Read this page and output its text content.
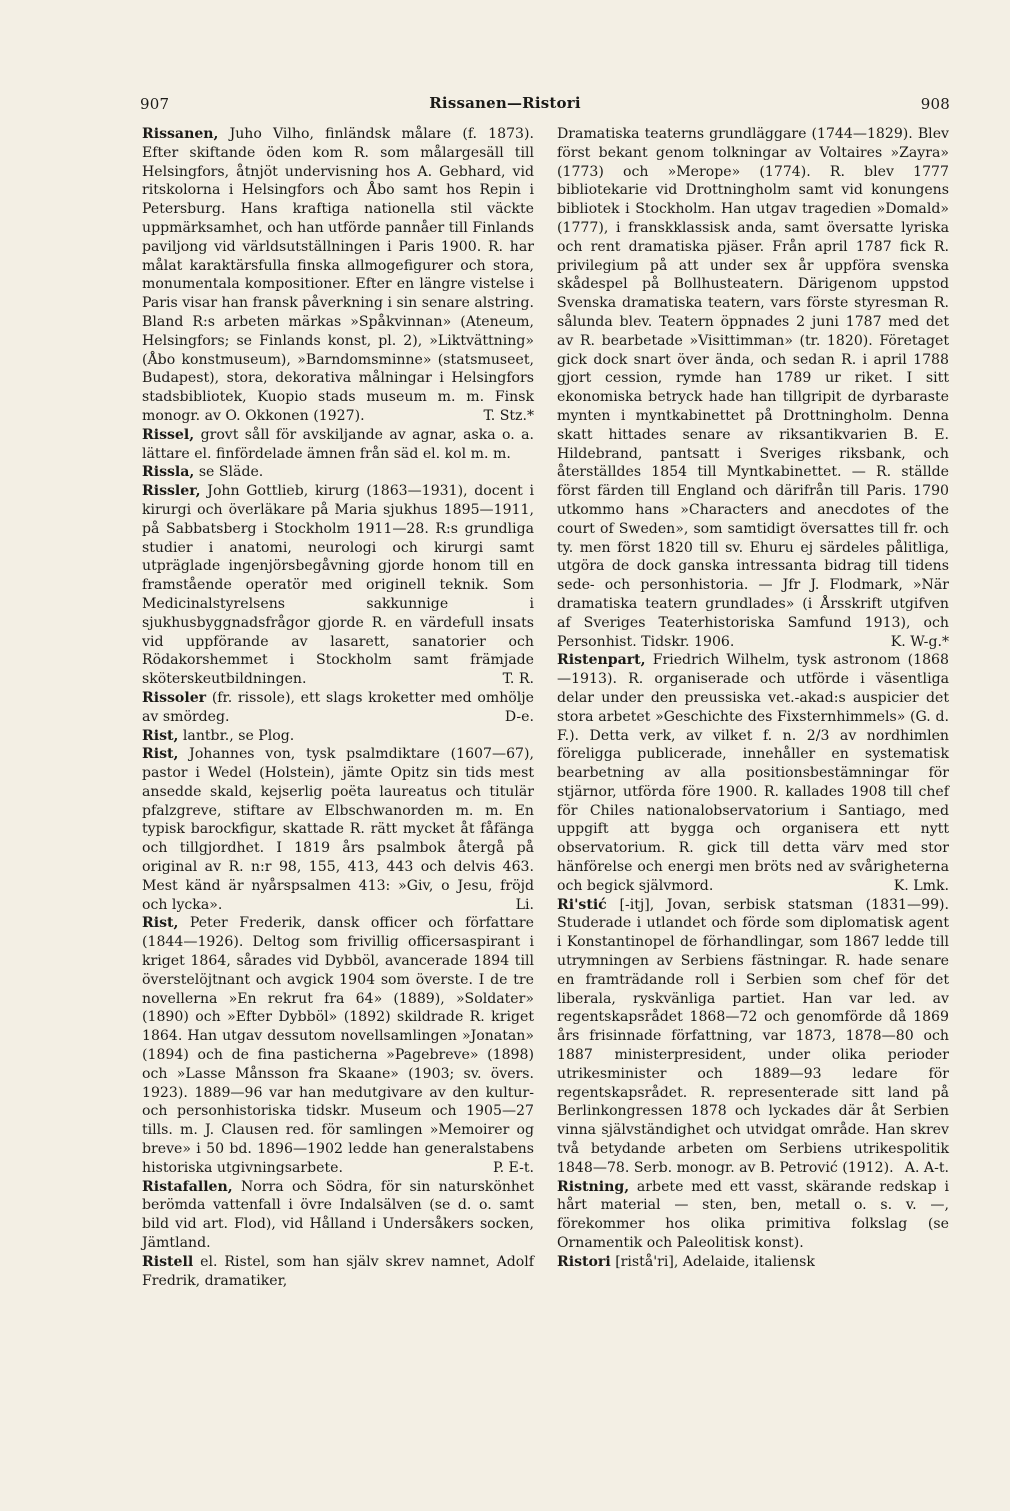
907	Rissanen—Ristori	908

Rissanen, Juho Vilho, finländsk målare (f. 1873). Efter skiftande öden kom R. som målargesäll till Helsingfors, åtnjöt undervisning hos A. Gebhard, vid ritskolorna i Helsingfors och Åbo samt hos Repin i Petersburg. Hans kraftiga nationella stil väckte uppmärksamhet, och han utförde pannåer till Finlands paviljong vid världsutställningen i Paris 1900. R. har målat karaktärsfulla finska allmogefigurer och stora, monumentala kompositioner. Efter en längre vistelse i Paris visar han fransk påverkning i sin senare alstring. Bland R:s arbeten märkas »Spåkvinnan» (Ateneum, Helsingfors; se Finlands konst, pl. 2), »Liktvättning» (Åbo konstmuseum), »Barndomsminne» (statsmuseet, Budapest), stora, dekorativa målningar i Helsingfors stadsbibliotek, Kuopio stads museum m. m. Finsk monogr. av O. Okkonen (1927).	T. Stz.*

Rissel, grovt såll för avskiljande av agnar, aska o. a. lättare el. finfördelade ämnen från säd el. kol m. m.

Rissla, se Släde.

Rissler, John Gottlieb, kirurg (1863—1931), docent i kirurgi och överläkare på Maria sjukhus 1895—1911, på Sabbatsberg i Stockholm 1911—28. R:s grundliga studier i anatomi, neurologi och kirurgi samt utpräglade ingenjörsbegåvning gjorde honom till en framstående operatör med originell teknik. Som Medicinalstyrelsens sakkunnige i sjukhusbyggnadsfrågor gjorde R. en värdefull insats vid uppförande av lasarett, sanatorier och Rödakorshemmet i Stockholm samt främjade sköterskeutbildningen.	T. R.

Rissoler (fr. rissole), ett slags kroketter med omhölje av smördeg.	D-e.

Rist, lantbr., se Plog.

Rist, Johannes von, tysk psalmdiktare (1607—67), pastor i Wedel (Holstein), jämte Opitz sin tids mest ansedde skald, kejserlig poëta laureatus och titulär pfalzgreve, stiftare av Elbschwanorden m. m. En typisk barockfigur, skattade R. rätt mycket åt fåfänga och tillgjordhet. I 1819 års psalmbok återgå på original av R. n:r 98, 155, 413, 443 och delvis 463. Mest känd är nyårspsalmen 413: »Giv, o Jesu, fröjd och lycka».	Li.

Rist, Peter Frederik, dansk officer och författare (1844—1926). Deltog som frivillig officersaspirant i kriget 1864, sårades vid Dybböl, avancerade 1894 till överstelöjtnant och avgick 1904 som överste. I de tre novellerna »En rekrut fra 64» (1889), »Soldater» (1890) och »Efter Dybböl» (1892) skildrade R. kriget 1864. Han utgav dessutom novellsamlingen »Jonatan» (1894) och de fina pasticherna »Pagebreve» (1898) och »Lasse Månsson fra Skaane» (1903; sv. övers. 1923). 1889—96 var han medutgivare av den kultur- och personhistoriska tidskr. Museum och 1905—27 tills. m. J. Clausen red. för samlingen »Memoirer og breve» i 50 bd. 1896—1902 ledde han generalstabens historiska utgivningsarbete.	P. E-t.

Ristafallen, Norra och Södra, för sin naturskönhet berömda vattenfall i övre Indalsälven (se d. o. samt bild vid art. Flod), vid Hålland i Undersåkers socken, Jämtland.

Ristell el. Ristel, som han själv skrev namnet, Adolf Fredrik, dramatiker,

Dramatiska teaterns grundläggare (1744—1829). Blev först bekant genom tolkningar av Voltaires »Zayra» (1773) och »Merope» (1774). R. blev 1777 bibliotekarie vid Drottningholm samt vid konungens bibliotek i Stockholm. Han utgav tragedien »Domald» (1777), i franskklassisk anda, samt översatte lyriska och rent dramatiska pjäser. Från april 1787 fick R. privilegium på att under sex år uppföra svenska skådespel på Bollhusteatern. Därigenom uppstod Svenska dramatiska teatern, vars förste styresman R. sålunda blev. Teatern öppnades 2 juni 1787 med det av R. bearbetade »Visittimman» (tr. 1820). Företaget gick dock snart över ända, och sedan R. i april 1788 gjort cession, rymde han 1789 ur riket. I sitt ekonomiska betryck hade han tillgripit de dyrbaraste mynten i myntkabinettet på Drottningholm. Denna skatt hittades senare av riksantikvarien B. E. Hildebrand, pantsatt i Sveriges riksbank, och återställdes 1854 till Myntkabinettet. — R. ställde först färden till England och därifrån till Paris. 1790 utkommo hans »Characters and anecdotes of the court of Sweden», som samtidigt översattes till fr. och ty. men först 1820 till sv. Ehuru ej särdeles pålitliga, utgöra de dock ganska intressanta bidrag till tidens sede- och personhistoria. — Jfr J. Flodmark, »När dramatiska teatern grundlades» (i Årsskrift utgifven af Sveriges Teaterhistoriska Samfund 1913), och Personhist. Tidskr. 1906.	K. W-g.*

Ristenpart, Friedrich Wilhelm, tysk astronom (1868—1913). R. organiserade och utförde i väsentliga delar under den preussiska vet.-akad:s auspicier det stora arbetet »Geschichte des Fixsternhimmels» (G. d. F.). Detta verk, av vilket f. n. 2/3 av nordhimlen föreligga publicerade, innehåller en systematisk bearbetning av alla positionsbestämningar för stjärnor, utförda före 1900. R. kallades 1908 till chef för Chiles nationalobservatorium i Santiago, med uppgift att bygga och organisera ett nytt observatorium. R. gick till detta värv med stor hänförelse och energi men bröts ned av svårigheterna och begick självmord.	K. Lmk.

Ri'stić [-itj], Jovan, serbisk statsman (1831—99). Studerade i utlandet och förde som diplomatisk agent i Konstantinopel de förhandlingar, som 1867 ledde till utrymningen av Serbiens fästningar. R. hade senare en framträdande roll i Serbien som chef för det liberala, ryskvänliga partiet. Han var led. av regentskapsrådet 1868—72 och genomförde då 1869 års frisinnade författning, var 1873, 1878—80 och 1887 ministerpresident, under olika perioder utrikesminister och 1889—93 ledare för regentskapsrådet. R. representerade sitt land på Berlinkongressen 1878 och lyckades där åt Serbien vinna självständighet och utvidgat område. Han skrev två betydande arbeten om Serbiens utrikespolitik 1848—78. Serb. monogr. av B. Petrović (1912). A. A-t.

Ristning, arbete med ett vasst, skärande redskap i hårt material — sten, ben, metall o. s. v. —, förekommer hos olika primitiva folkslag (se Ornamentik och Paleolitisk konst).

Ristori [ristå'ri], Adelaide, italiensk
